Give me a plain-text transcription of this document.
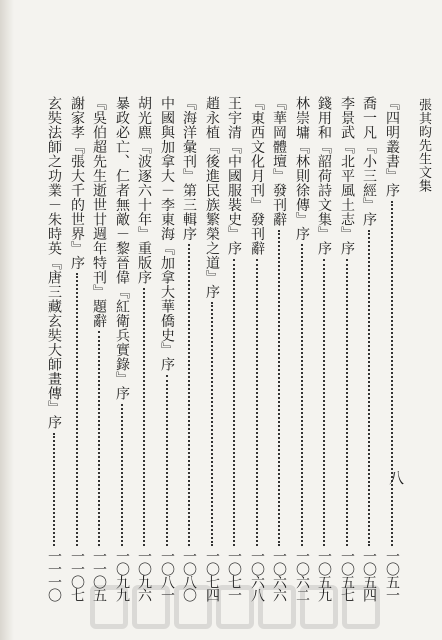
張其昀先生文集
『四明叢書』序
一〇五一
喬一凡『小三經』序
一〇五四
李景武『北平風土志』序
一〇五七
錢用和『韶荷詩文集』序
一〇五九
林崇墉『林則徐傳』序
一〇六二
『華岡體壇』發刊辭
一〇六六
『東西文化月刊』發刊辭
一〇六八
王宇清『中國服裝史』序
一〇七一
趙永植『後進民族繁榮之道』序
一〇七四
『海洋彙刊』第三輯序
一〇八〇
中國與加拿大－李東海『加拿大華僑史』序
一〇八一
胡光麃『波逐六十年』重版序
一〇九六
暴政必亡、仁者無敵－黎晉偉『紅衛兵實錄』序
一〇九九
『吳伯超先生逝世廿週年特刊』題辭
一一〇五
謝家孝『張大千的世界』序
一一〇七
玄奘法師之功業－朱時英『唐三藏玄奘大師畫傳』序
一一一〇
八
